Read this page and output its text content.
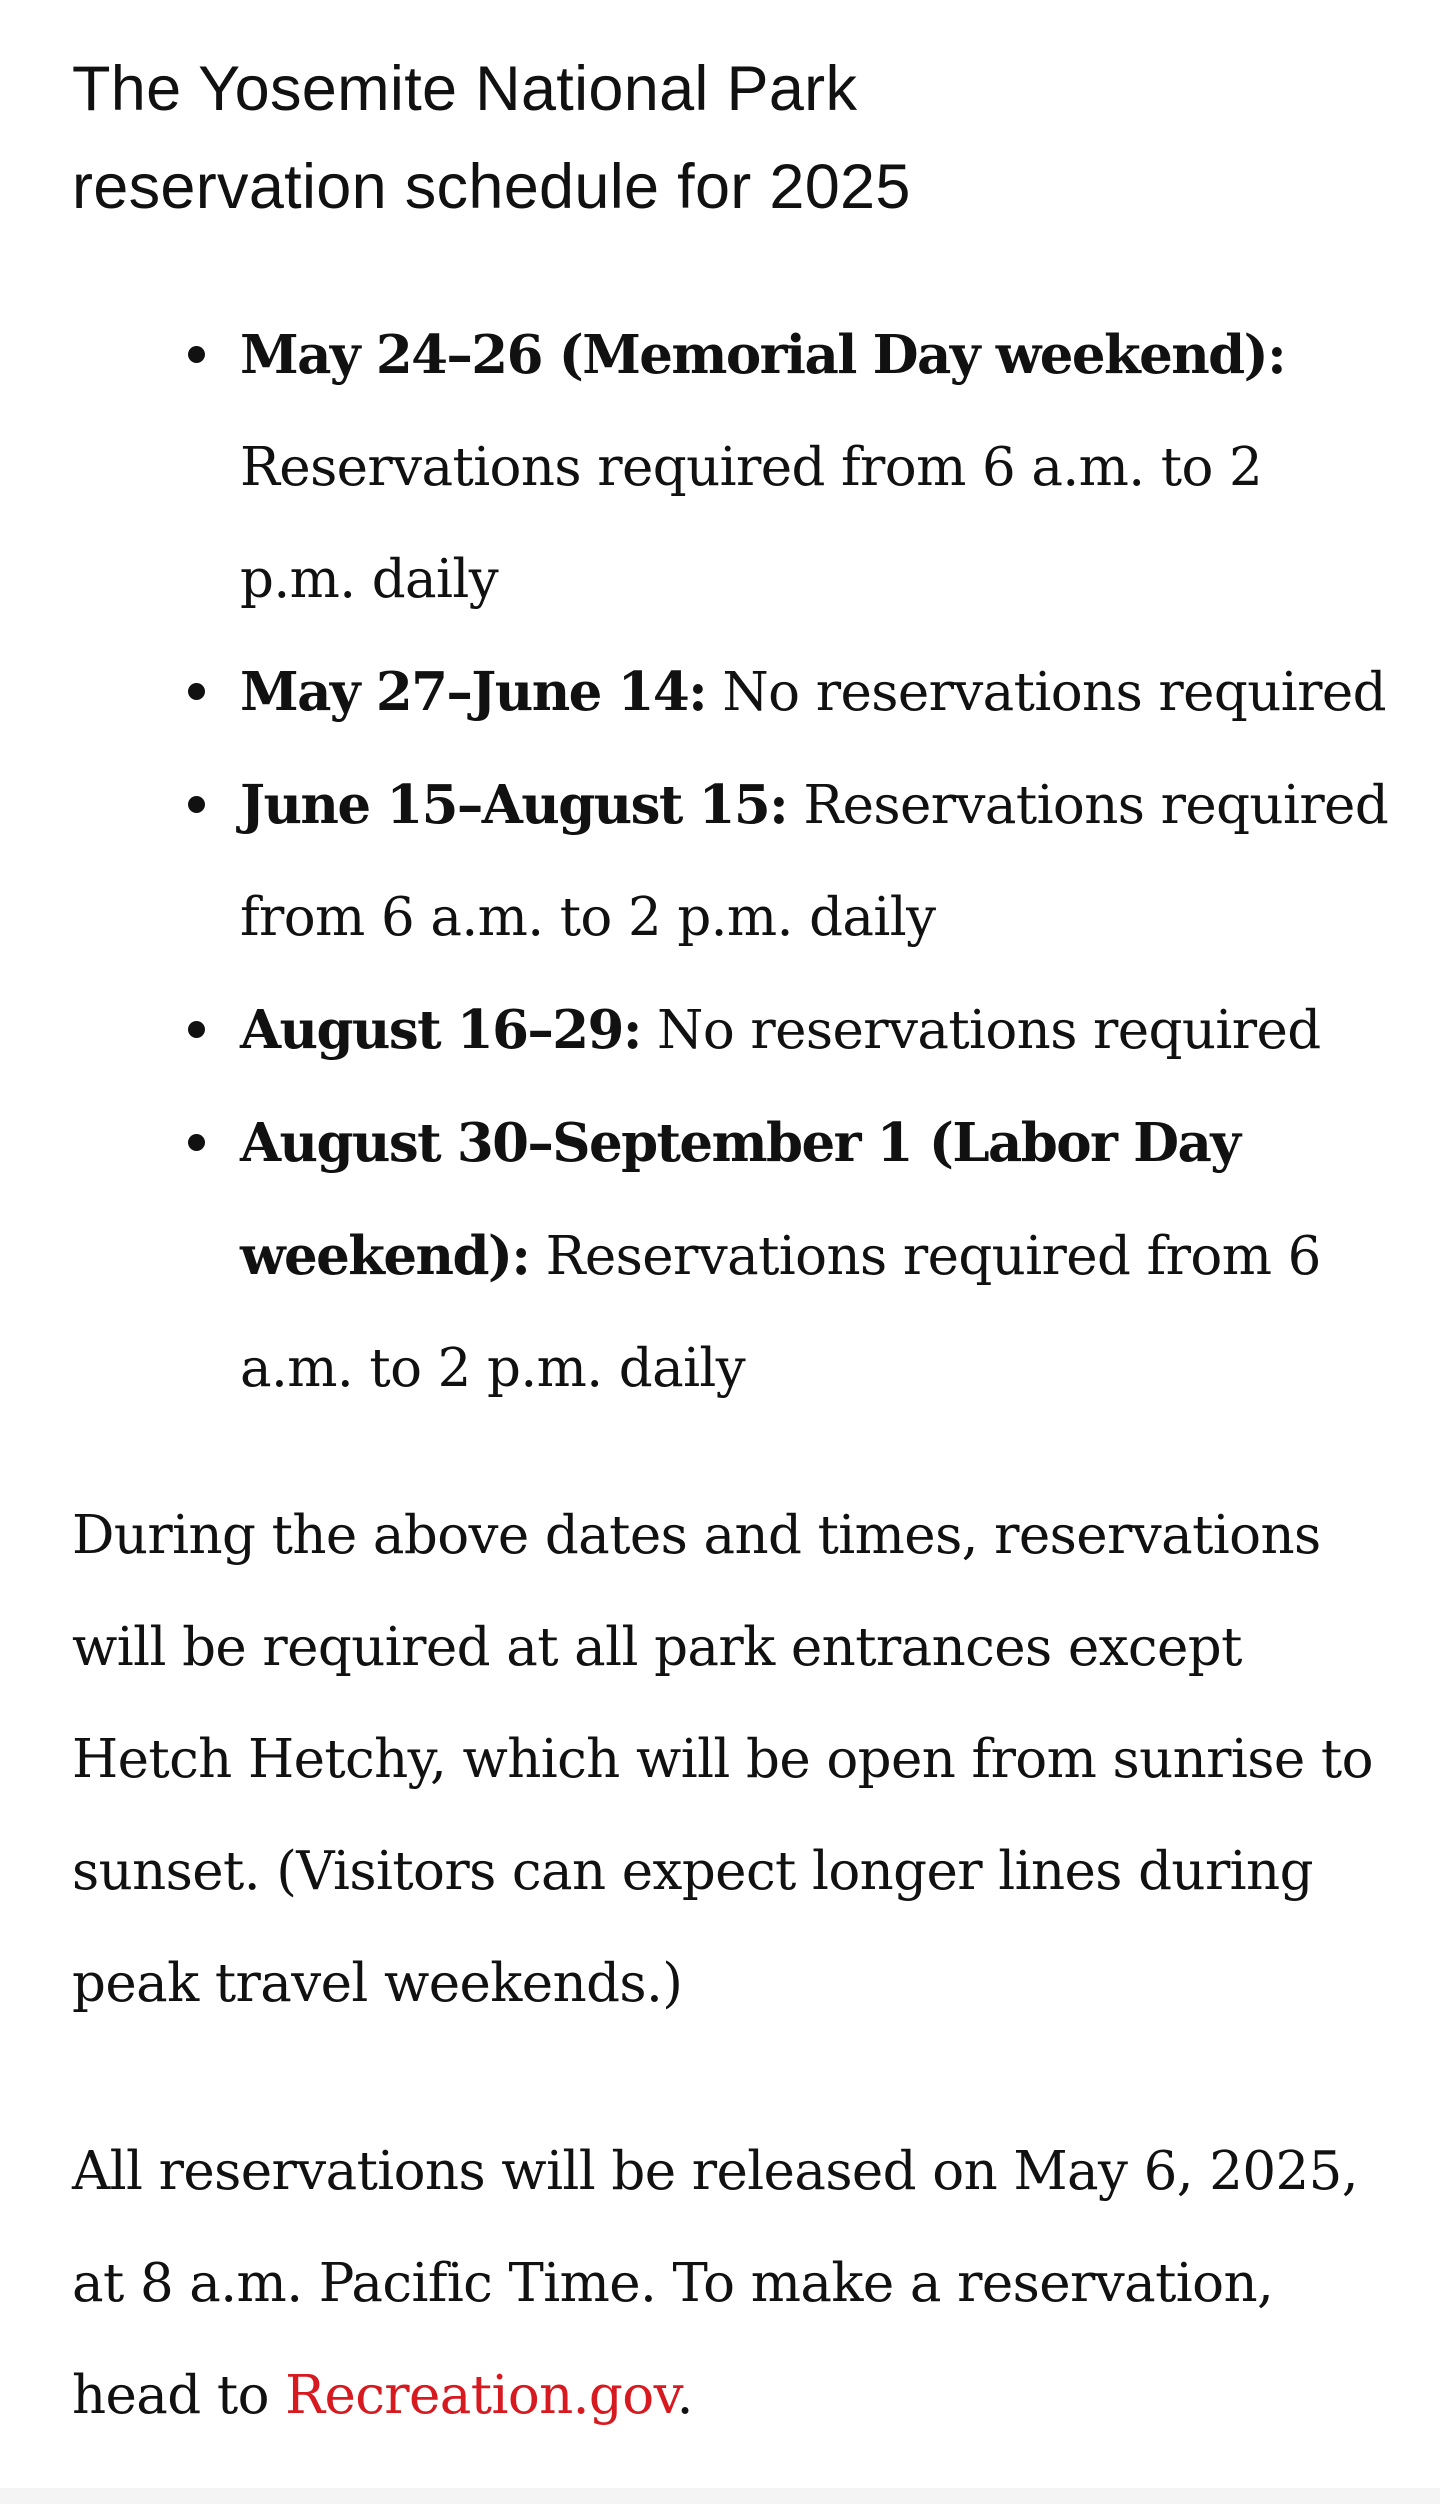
The Yosemite National Park reservation schedule for 2025
May 24–26 (Memorial Day weekend): Reservations required from 6 a.m. to 2 p.m. daily
May 27–June 14: No reservations required
June 15–August 15: Reservations required from 6 a.m. to 2 p.m. daily
August 16–29: No reservations required
August 30–September 1 (Labor Day weekend): Reservations required from 6 a.m. to 2 p.m. daily

During the above dates and times, reservations will be required at all park entrances except Hetch Hetchy, which will be open from sunrise to sunset. (Visitors can expect longer lines during peak travel weekends.)

All reservations will be released on May 6, 2025, at 8 a.m. Pacific Time. To make a reservation, head to Recreation.gov.
